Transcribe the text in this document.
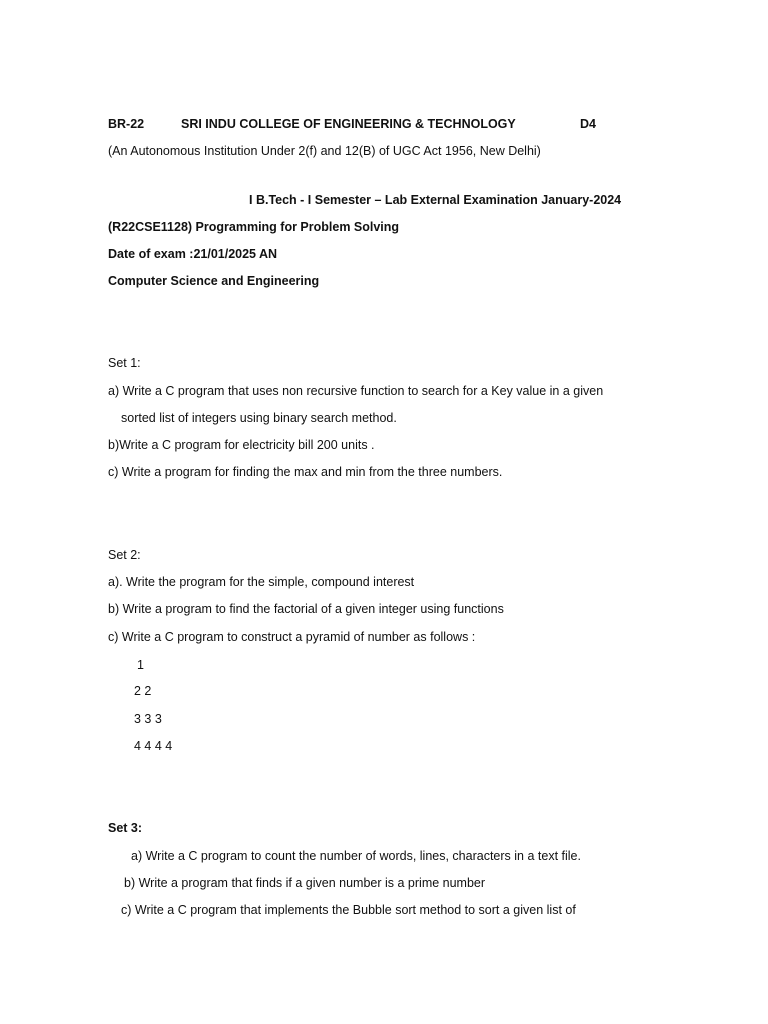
BR-22	SRI INDU COLLEGE OF ENGINEERING & TECHNOLOGY	D4
(An Autonomous Institution Under 2(f) and 12(B) of UGC Act 1956, New Delhi)
I B.Tech - I Semester – Lab External Examination January-2024
(R22CSE1128) Programming for Problem Solving
Date of exam :21/01/2025 AN
Computer Science and Engineering
Set 1:
a) Write a C program that uses non recursive function to search for a Key value in a given
sorted list of integers using binary search method.
b)Write a C program for electricity bill 200 units .
c) Write a program for finding the max and min from the three numbers.
Set 2:
a). Write the program for the simple, compound interest
b) Write a program to find the factorial of a given integer using functions
c) Write a C program to construct a pyramid of number as follows :
1
2 2
3 3 3
4 4 4 4
Set 3:
a) Write a C program to count the number of words, lines, characters in a text file.
b) Write a program that finds if a given number is a prime number
c) Write a C program that implements the Bubble sort method to sort a given list of
